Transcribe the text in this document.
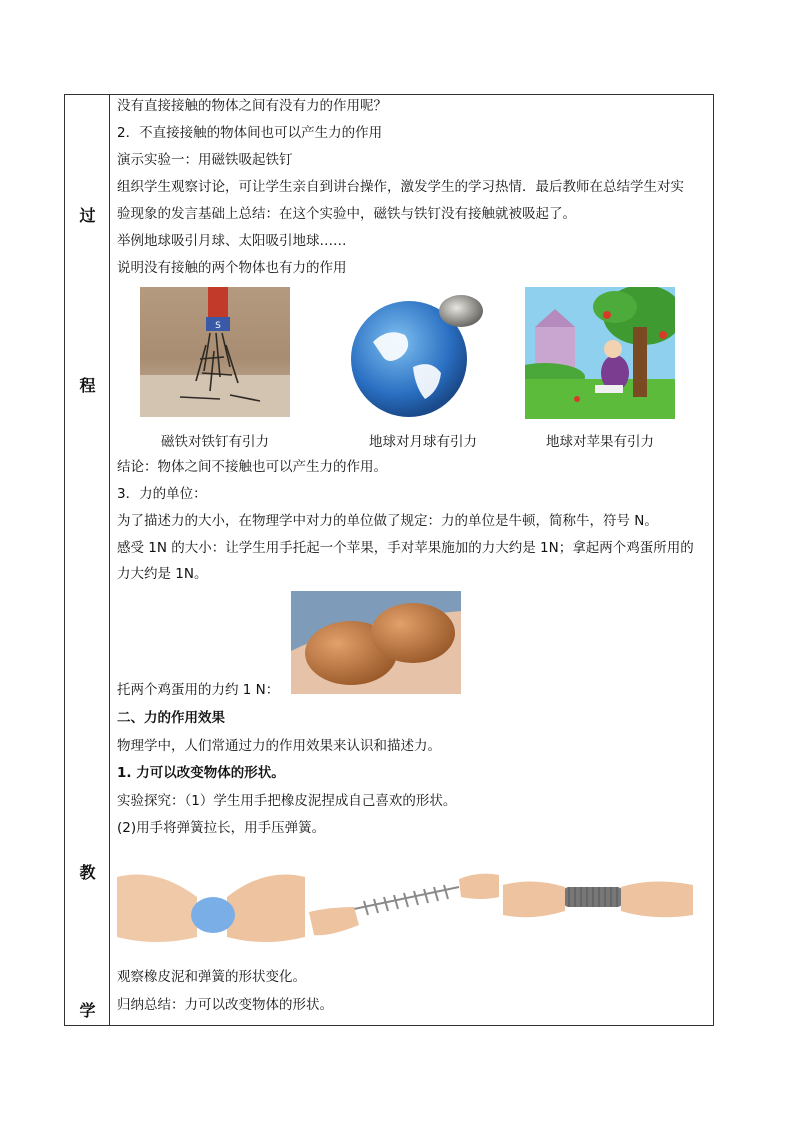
过
程
教
学
没有直接接触的物体之间有没有力的作用呢？
2．不直接接触的物体间也可以产生力的作用
演示实验一：用磁铁吸起铁钉
组织学生观察讨论，可让学生亲自到讲台操作，激发学生的学习热情．最后教师在总结学生对实
验现象的发言基础上总结：在这个实验中，磁铁与铁钉没有接触就被吸起了。
举例地球吸引月球、太阳吸引地球……
说明没有接触的两个物体也有力的作用
S
磁铁对铁钉有引力	地球对月球有引力	地球对苹果有引力
结论：物体之间不接触也可以产生力的作用。
3．力的单位：
为了描述力的大小，在物理学中对力的单位做了规定：力的单位是牛顿，简称牛，符号 N。
感受 1N 的大小：让学生用手托起一个苹果，手对苹果施加的力大约是 1N；拿起两个鸡蛋所用的
力大约是 1N。
托两个鸡蛋用的力约 1 N：
二、力的作用效果
物理学中，人们常通过力的作用效果来认识和描述力。
1. 力可以改变物体的形状。
实验探究：（1）学生用手把橡皮泥捏成自己喜欢的形状。
(2)用手将弹簧拉长，用手压弹簧。
观察橡皮泥和弹簧的形状变化。
归纳总结：力可以改变物体的形状。
